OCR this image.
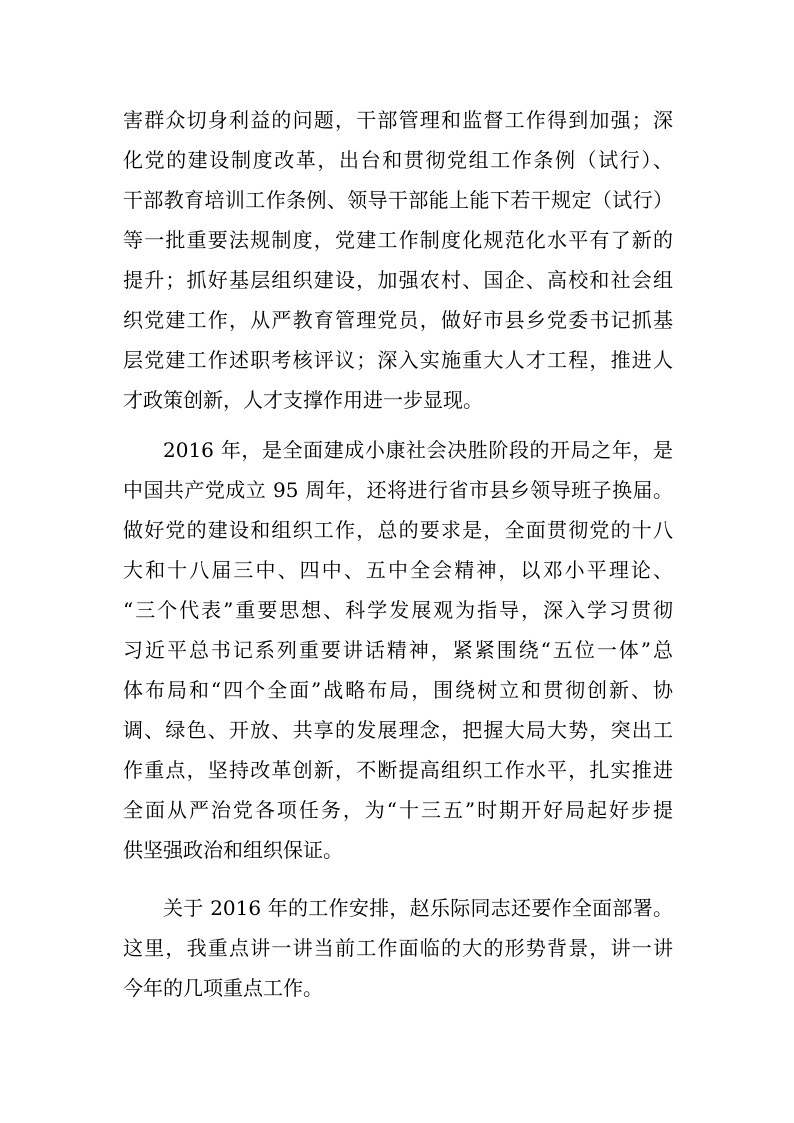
害群众切身利益的问题，干部管理和监督工作得到加强；深
化党的建设制度改革，出台和贯彻党组工作条例（试行）、
干部教育培训工作条例、领导干部能上能下若干规定（试行）
等一批重要法规制度，党建工作制度化规范化水平有了新的
提升；抓好基层组织建设，加强农村、国企、高校和社会组
织党建工作，从严教育管理党员，做好市县乡党委书记抓基
层党建工作述职考核评议；深入实施重大人才工程，推进人
才政策创新，人才支撑作用进一步显现。
2016 年，是全面建成小康社会决胜阶段的开局之年，是
中国共产党成立 95 周年，还将进行省市县乡领导班子换届。
做好党的建设和组织工作，总的要求是，全面贯彻党的十八
大和十八届三中、四中、五中全会精神，以邓小平理论、
“三个代表”重要思想、科学发展观为指导，深入学习贯彻
习近平总书记系列重要讲话精神，紧紧围绕“五位一体”总
体布局和“四个全面”战略布局，围绕树立和贯彻创新、协
调、绿色、开放、共享的发展理念，把握大局大势，突出工
作重点，坚持改革创新，不断提高组织工作水平，扎实推进
全面从严治党各项任务，为“十三五”时期开好局起好步提
供坚强政治和组织保证。
关于 2016 年的工作安排，赵乐际同志还要作全面部署。
这里，我重点讲一讲当前工作面临的大的形势背景，讲一讲
今年的几项重点工作。
